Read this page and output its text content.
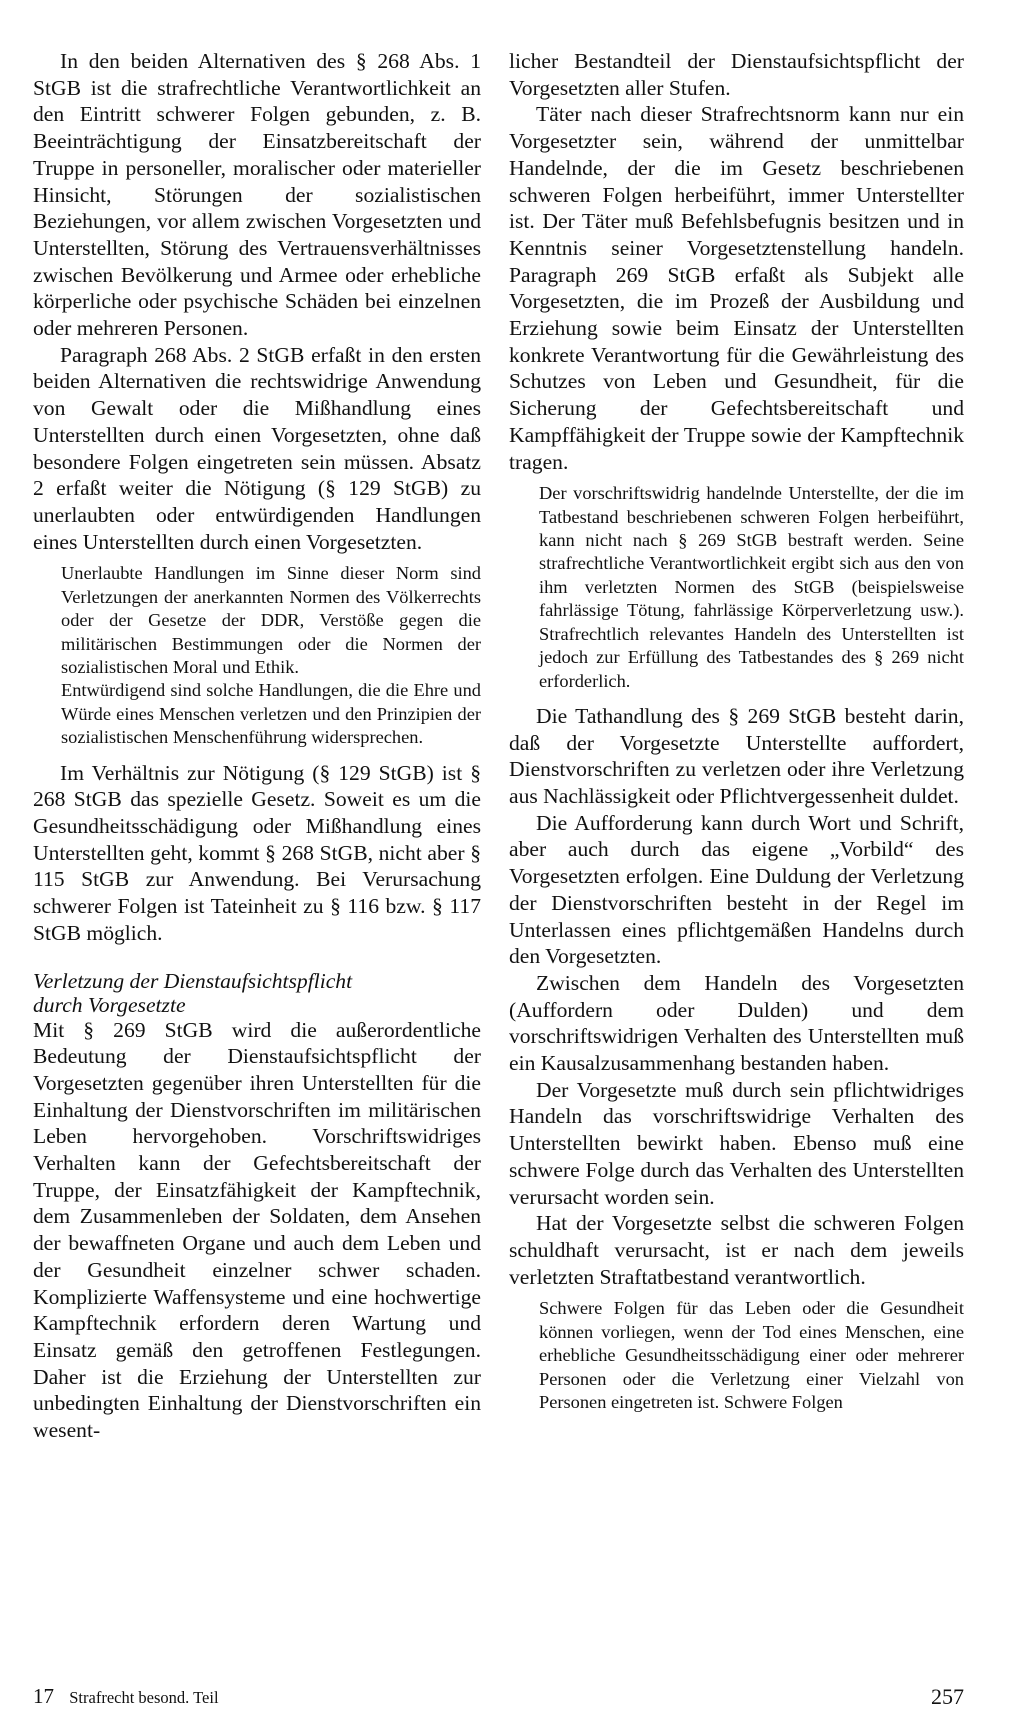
In den beiden Alternativen des § 268 Abs. 1 StGB ist die strafrechtliche Verantwortlichkeit an den Eintritt schwerer Folgen gebunden, z. B. Beeinträchtigung der Einsatzbereitschaft der Truppe in personeller, moralischer oder materieller Hinsicht, Störungen der sozialistischen Beziehungen, vor allem zwischen Vorgesetzten und Unterstellten, Störung des Vertrauensverhältnisses zwischen Bevölkerung und Armee oder erhebliche körperliche oder psychische Schäden bei einzelnen oder mehreren Personen.

Paragraph 268 Abs. 2 StGB erfaßt in den ersten beiden Alternativen die rechtswidrige Anwendung von Gewalt oder die Mißhandlung eines Unterstellten durch einen Vorgesetzten, ohne daß besondere Folgen eingetreten sein müssen. Absatz 2 erfaßt weiter die Nötigung (§ 129 StGB) zu unerlaubten oder entwürdigenden Handlungen eines Unterstellten durch einen Vorgesetzten.

Unerlaubte Handlungen im Sinne dieser Norm sind Verletzungen der anerkannten Normen des Völkerrechts oder der Gesetze der DDR, Verstöße gegen die militärischen Bestimmungen oder die Normen der sozialistischen Moral und Ethik.

Entwürdigend sind solche Handlungen, die die Ehre und Würde eines Menschen verletzen und den Prinzipien der sozialistischen Menschenführung widersprechen.

Im Verhältnis zur Nötigung (§ 129 StGB) ist § 268 StGB das spezielle Gesetz. Soweit es um die Gesundheitsschädigung oder Mißhandlung eines Unterstellten geht, kommt § 268 StGB, nicht aber § 115 StGB zur Anwendung. Bei Verursachung schwerer Folgen ist Tateinheit zu § 116 bzw. § 117 StGB möglich.

Verletzung der Dienstaufsichtspflicht
durch Vorgesetzte

Mit § 269 StGB wird die außerordentliche Bedeutung der Dienstaufsichtspflicht der Vorgesetzten gegenüber ihren Unterstellten für die Einhaltung der Dienstvorschriften im militärischen Leben hervorgehoben. Vorschriftswidriges Verhalten kann der Gefechtsbereitschaft der Truppe, der Einsatzfähigkeit der Kampftechnik, dem Zusammenleben der Soldaten, dem Ansehen der bewaffneten Organe und auch dem Leben und der Gesundheit einzelner schwer schaden. Komplizierte Waffensysteme und eine hochwertige Kampftechnik erfordern deren Wartung und Einsatz gemäß den getroffenen Festlegungen. Daher ist die Erziehung der Unterstellten zur unbedingten Einhaltung der Dienstvorschriften ein wesent-

licher Bestandteil der Dienstaufsichtspflicht der Vorgesetzten aller Stufen.

Täter nach dieser Strafrechtsnorm kann nur ein Vorgesetzter sein, während der unmittelbar Handelnde, der die im Gesetz beschriebenen schweren Folgen herbeiführt, immer Unterstellter ist. Der Täter muß Befehlsbefugnis besitzen und in Kenntnis seiner Vorgesetztenstellung handeln. Paragraph 269 StGB erfaßt als Subjekt alle Vorgesetzten, die im Prozeß der Ausbildung und Erziehung sowie beim Einsatz der Unterstellten konkrete Verantwortung für die Gewährleistung des Schutzes von Leben und Gesundheit, für die Sicherung der Gefechtsbereitschaft und Kampffähigkeit der Truppe sowie der Kampftechnik tragen.

Der vorschriftswidrig handelnde Unterstellte, der die im Tatbestand beschriebenen schweren Folgen herbeiführt, kann nicht nach § 269 StGB bestraft werden. Seine strafrechtliche Verantwortlichkeit ergibt sich aus den von ihm verletzten Normen des StGB (beispielsweise fahrlässige Tötung, fahrlässige Körperverletzung usw.). Strafrechtlich relevantes Handeln des Unterstellten ist jedoch zur Erfüllung des Tatbestandes des § 269 nicht erforderlich.

Die Tathandlung des § 269 StGB besteht darin, daß der Vorgesetzte Unterstellte auffordert, Dienstvorschriften zu verletzen oder ihre Verletzung aus Nachlässigkeit oder Pflichtvergessenheit duldet.

Die Aufforderung kann durch Wort und Schrift, aber auch durch das eigene „Vorbild“ des Vorgesetzten erfolgen. Eine Duldung der Verletzung der Dienstvorschriften besteht in der Regel im Unterlassen eines pflichtgemäßen Handelns durch den Vorgesetzten.

Zwischen dem Handeln des Vorgesetzten (Auffordern oder Dulden) und dem vorschriftswidrigen Verhalten des Unterstellten muß ein Kausalzusammenhang bestanden haben.

Der Vorgesetzte muß durch sein pflichtwidriges Handeln das vorschriftswidrige Verhalten des Unterstellten bewirkt haben. Ebenso muß eine schwere Folge durch das Verhalten des Unterstellten verursacht worden sein.

Hat der Vorgesetzte selbst die schweren Folgen schuldhaft verursacht, ist er nach dem jeweils verletzten Straftatbestand verantwortlich.

Schwere Folgen für das Leben oder die Gesundheit können vorliegen, wenn der Tod eines Menschen, eine erhebliche Gesundheitsschädigung einer oder mehrerer Personen oder die Verletzung einer Vielzahl von Personen eingetreten ist. Schwere Folgen

17 Strafrecht besond. Teil	257
